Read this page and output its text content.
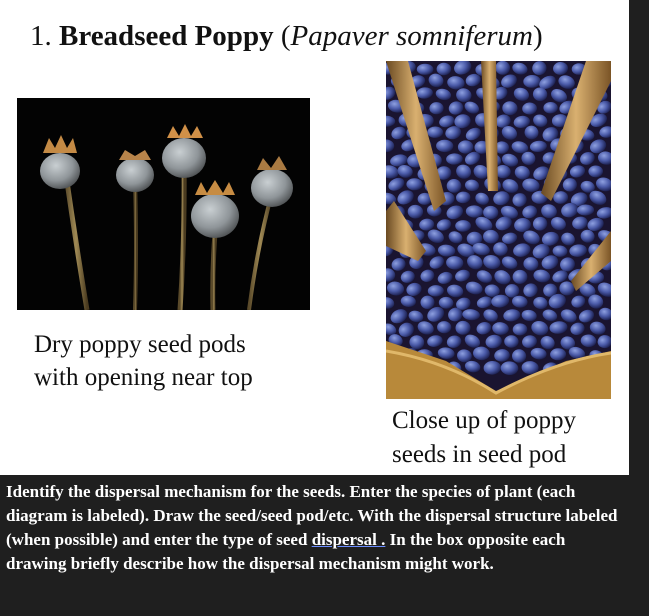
1. Breadseed Poppy (Papaver somniferum)

Dry poppy seed pods
with opening near top
Close up of poppy
seeds in seed pod
Identify the dispersal mechanism for the seeds. Enter the species of plant (each diagram is labeled). Draw the seed/seed pod/etc. With the dispersal structure labeled (when possible) and enter the type of seed dispersal . In the box opposite each drawing briefly describe how the dispersal mechanism might work.
